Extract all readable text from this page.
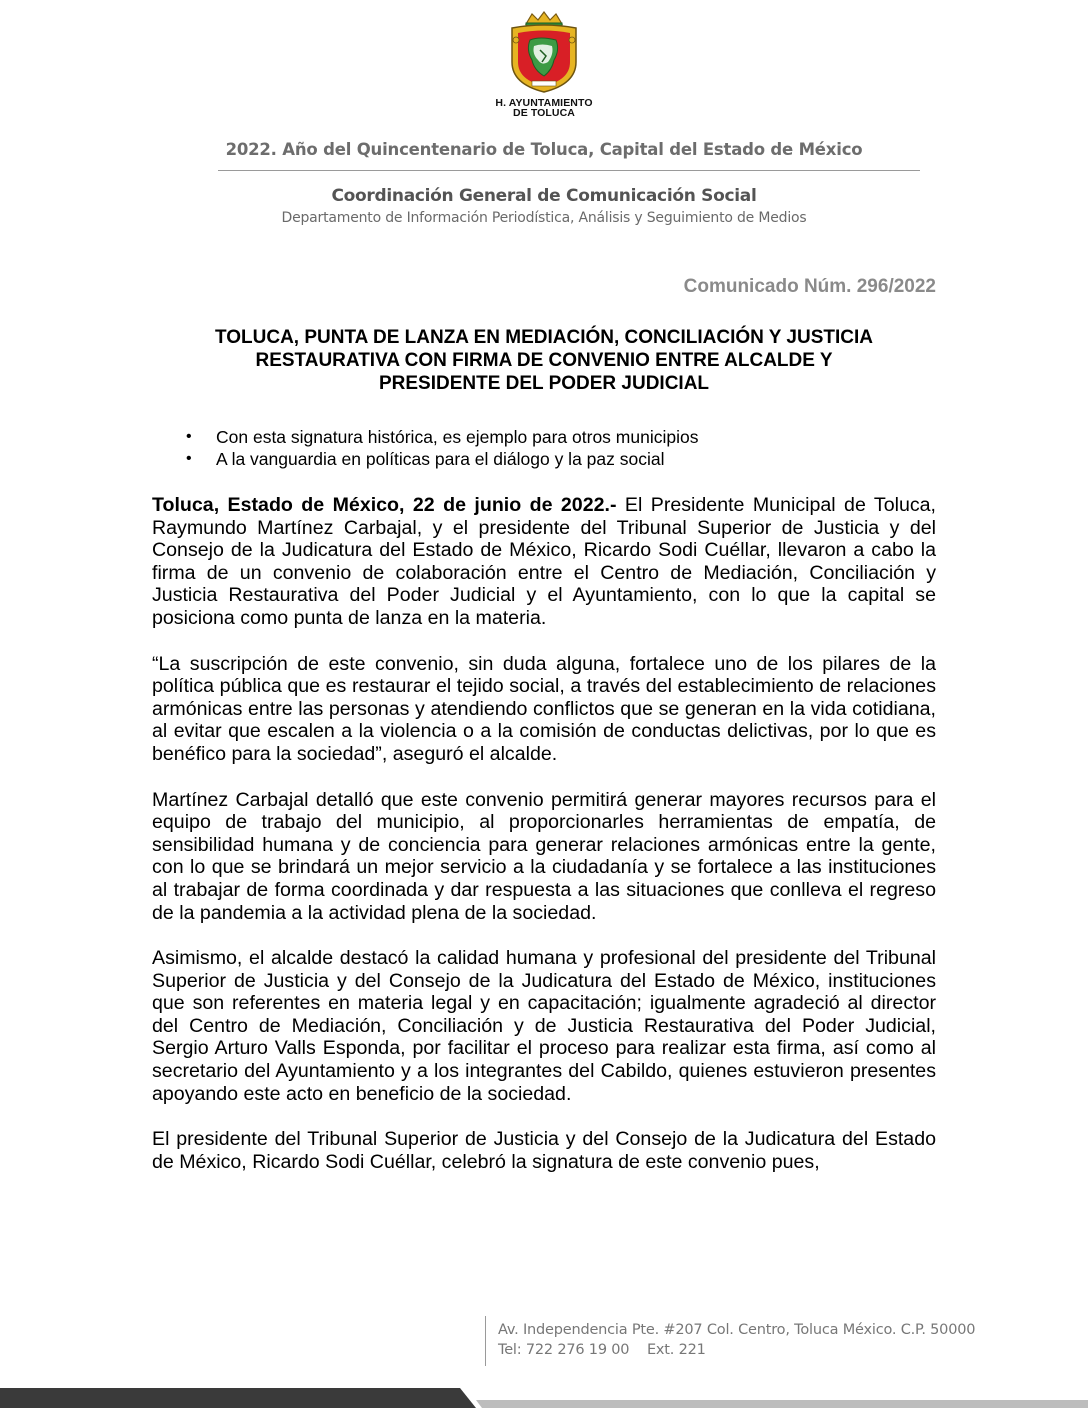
H. AYUNTAMIENTO
DE TOLUCA
2022. Año del Quincentenario de Toluca, Capital del Estado de México
Coordinación General de Comunicación Social
Departamento de Información Periodística, Análisis y Seguimiento de Medios
Comunicado Núm. 296/2022
TOLUCA, PUNTA DE LANZA EN MEDIACIÓN, CONCILIACIÓN Y JUSTICIA
RESTAURATIVA CON FIRMA DE CONVENIO ENTRE ALCALDE Y
PRESIDENTE DEL PODER JUDICIAL
• Con esta signatura histórica, es ejemplo para otros municipios
• A la vanguardia en políticas para el diálogo y la paz social

Toluca, Estado de México, 22 de junio de 2022.- El Presidente Municipal de Toluca, Raymundo Martínez Carbajal, y el presidente del Tribunal Superior de Justicia y del Consejo de la Judicatura del Estado de México, Ricardo Sodi Cuéllar, llevaron a cabo la firma de un convenio de colaboración entre el Centro de Mediación, Conciliación y Justicia Restaurativa del Poder Judicial y el Ayuntamiento, con lo que la capital se posiciona como punta de lanza en la materia.

“La suscripción de este convenio, sin duda alguna, fortalece uno de los pilares de la política pública que es restaurar el tejido social, a través del establecimiento de relaciones armónicas entre las personas y atendiendo conflictos que se generan en la vida cotidiana, al evitar que escalen a la violencia o a la comisión de conductas delictivas, por lo que es benéfico para la sociedad”, aseguró el alcalde.

Martínez Carbajal detalló que este convenio permitirá generar mayores recursos para el equipo de trabajo del municipio, al proporcionarles herramientas de empatía, de sensibilidad humana y de conciencia para generar relaciones armónicas entre la gente, con lo que se brindará un mejor servicio a la ciudadanía y se fortalece a las instituciones al trabajar de forma coordinada y dar respuesta a las situaciones que conlleva el regreso de la pandemia a la actividad plena de la sociedad.

Asimismo, el alcalde destacó la calidad humana y profesional del presidente del Tribunal Superior de Justicia y del Consejo de la Judicatura del Estado de México, instituciones que son referentes en materia legal y en capacitación; igualmente agradeció al director del Centro de Mediación, Conciliación y de Justicia Restaurativa del Poder Judicial, Sergio Arturo Valls Esponda, por facilitar el proceso para realizar esta firma, así como al secretario del Ayuntamiento y a los integrantes del Cabildo, quienes estuvieron presentes apoyando este acto en beneficio de la sociedad.

El presidente del Tribunal Superior de Justicia y del Consejo de la Judicatura del Estado de México, Ricardo Sodi Cuéllar, celebró la signatura de este convenio pues,

Av. Independencia Pte. #207 Col. Centro, Toluca México. C.P. 50000
Tel: 722 276 19 00    Ext. 221
